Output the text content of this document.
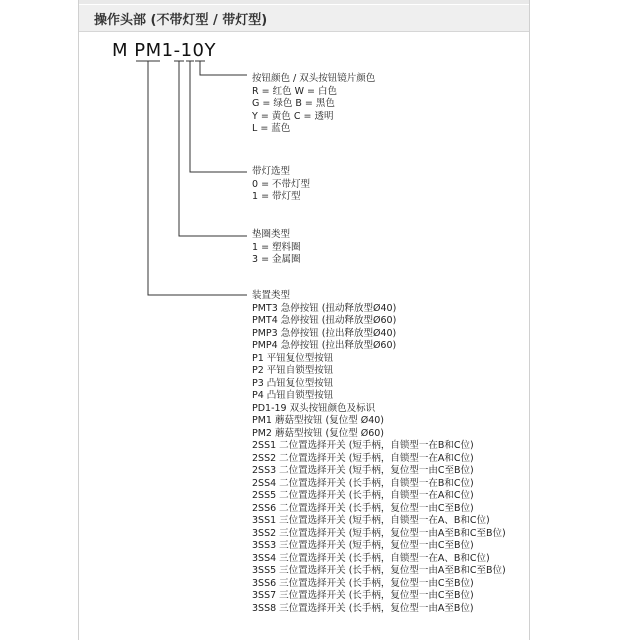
操作头部 (不带灯型 / 带灯型)
M PM1-10Y
按钮颜色 / 双头按钮镜片颜色
R = 红色 W = 白色
G = 绿色 B = 黑色
Y = 黄色 C = 透明
L = 蓝色
带灯选型
0 = 不带灯型
1 = 带灯型
垫圈类型
1 = 塑料圈
3 = 金属圈
装置类型
PMT3 急停按钮 (扭动释放型Ø40)
PMT4 急停按钮 (扭动释放型Ø60)
PMP3 急停按钮 (拉出释放型Ø40)
PMP4 急停按钮 (拉出释放型Ø60)
P1 平钮复位型按钮
P2 平钮自锁型按钮
P3 凸钮复位型按钮
P4 凸钮自锁型按钮
PD1-19 双头按钮颜色及标识
PM1 蘑菇型按钮 (复位型 Ø40)
PM2 蘑菇型按钮 (复位型 Ø60)
2SS1 二位置选择开关 (短手柄，自锁型一在B和C位)
2SS2 二位置选择开关 (短手柄，自锁型一在A和C位)
2SS3 二位置选择开关 (短手柄，复位型一由C至B位)
2SS4 二位置选择开关 (长手柄，自锁型一在B和C位)
2SS5 二位置选择开关 (长手柄，自锁型一在A和C位)
2SS6 二位置选择开关 (长手柄，复位型一由C至B位)
3SS1 三位置选择开关 (短手柄，自锁型一在A、B和C位)
3SS2 三位置选择开关 (短手柄，复位型一由A至B和C至B位)
3SS3 三位置选择开关 (短手柄，复位型一由C至B位)
3SS4 三位置选择开关 (长手柄，自锁型一在A、B和C位)
3SS5 三位置选择开关 (长手柄，复位型一由A至B和C至B位)
3SS6 三位置选择开关 (长手柄，复位型一由C至B位)
3SS7 三位置选择开关 (长手柄，复位型一由C至B位)
3SS8 三位置选择开关 (长手柄，复位型一由A至B位)
